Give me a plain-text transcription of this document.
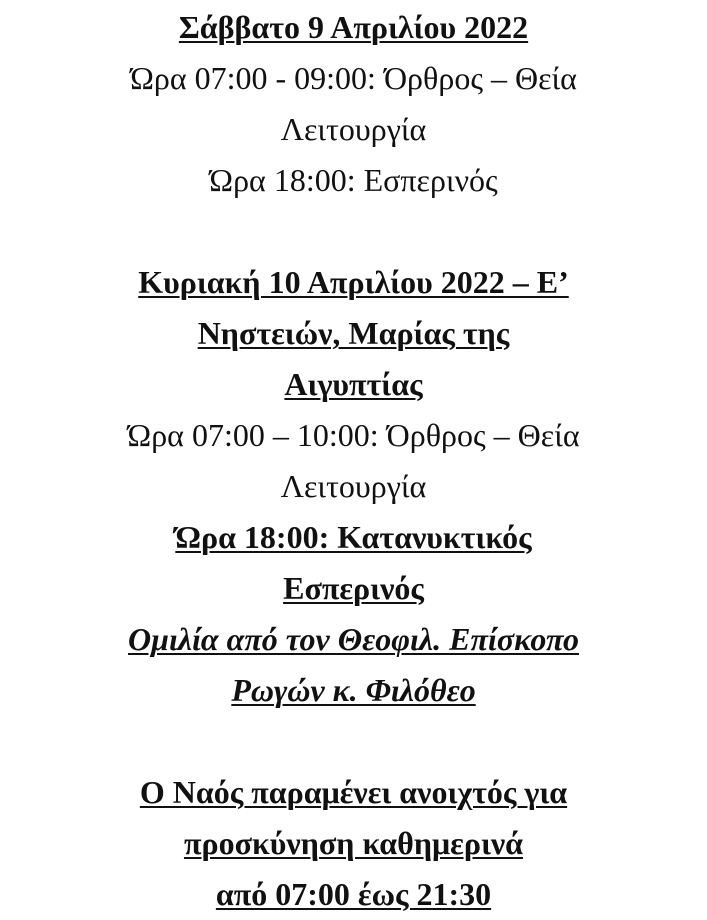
Σάββατο 9 Απριλίου 2022
Ώρα 07:00 - 09:00: Όρθρος – Θεία
Λειτουργία
Ώρα 18:00: Εσπερινός
Κυριακή 10 Απριλίου 2022 – Ε’
Νηστειών, Μαρίας της
Αιγυπτίας
Ώρα 07:00 – 10:00: Όρθρος – Θεία
Λειτουργία
Ώρα 18:00: Κατανυκτικός
Εσπερινός
Ομιλία από τον Θεοφιλ. Επίσκοπο
Ρωγών κ. Φιλόθεο
Ο Ναός παραμένει ανοιχτός για
προσκύνηση καθημερινά
από 07:00 έως 21:30
